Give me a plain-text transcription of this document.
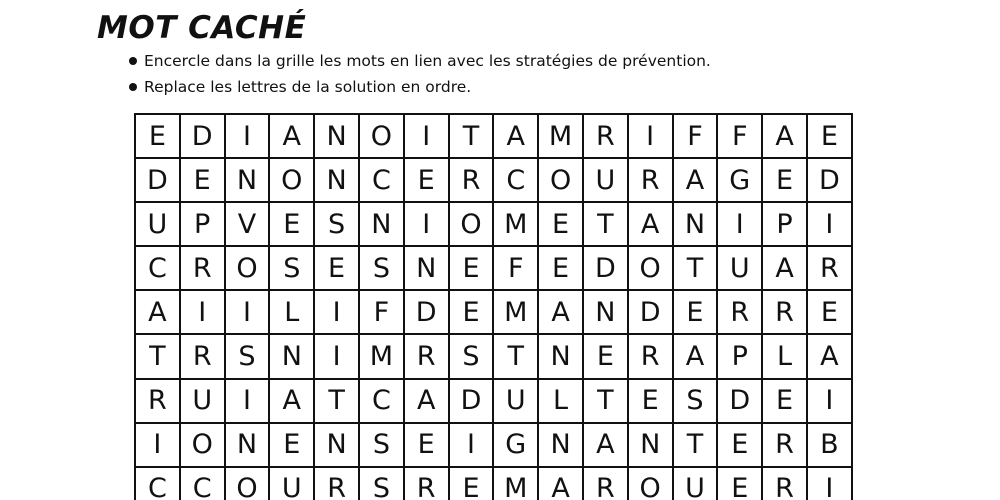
MOT CACHÉ
Encercle dans la grille les mots en lien avec les stratégies de prévention.
Replace les lettres de la solution en ordre.
E	D	I	A	N	O	I	T	A	M	R	I	F	F	A	E
D	E	N	O	N	C	E	R	C	O	U	R	A	G	E	D
U	P	V	E	S	N	I	O	M	E	T	A	N	I	P	I
C	R	O	S	E	S	N	E	F	E	D	O	T	U	A	R
A	I	I	L	I	F	D	E	M	A	N	D	E	R	R	E
T	R	S	N	I	M	R	S	T	N	E	R	A	P	L	A
R	U	I	A	T	C	A	D	U	L	T	E	S	D	E	I
I	O	N	E	N	S	E	I	G	N	A	N	T	E	R	B
C	C	O	U	R	S	R	E	M	A	R	O	U	E	R	I
